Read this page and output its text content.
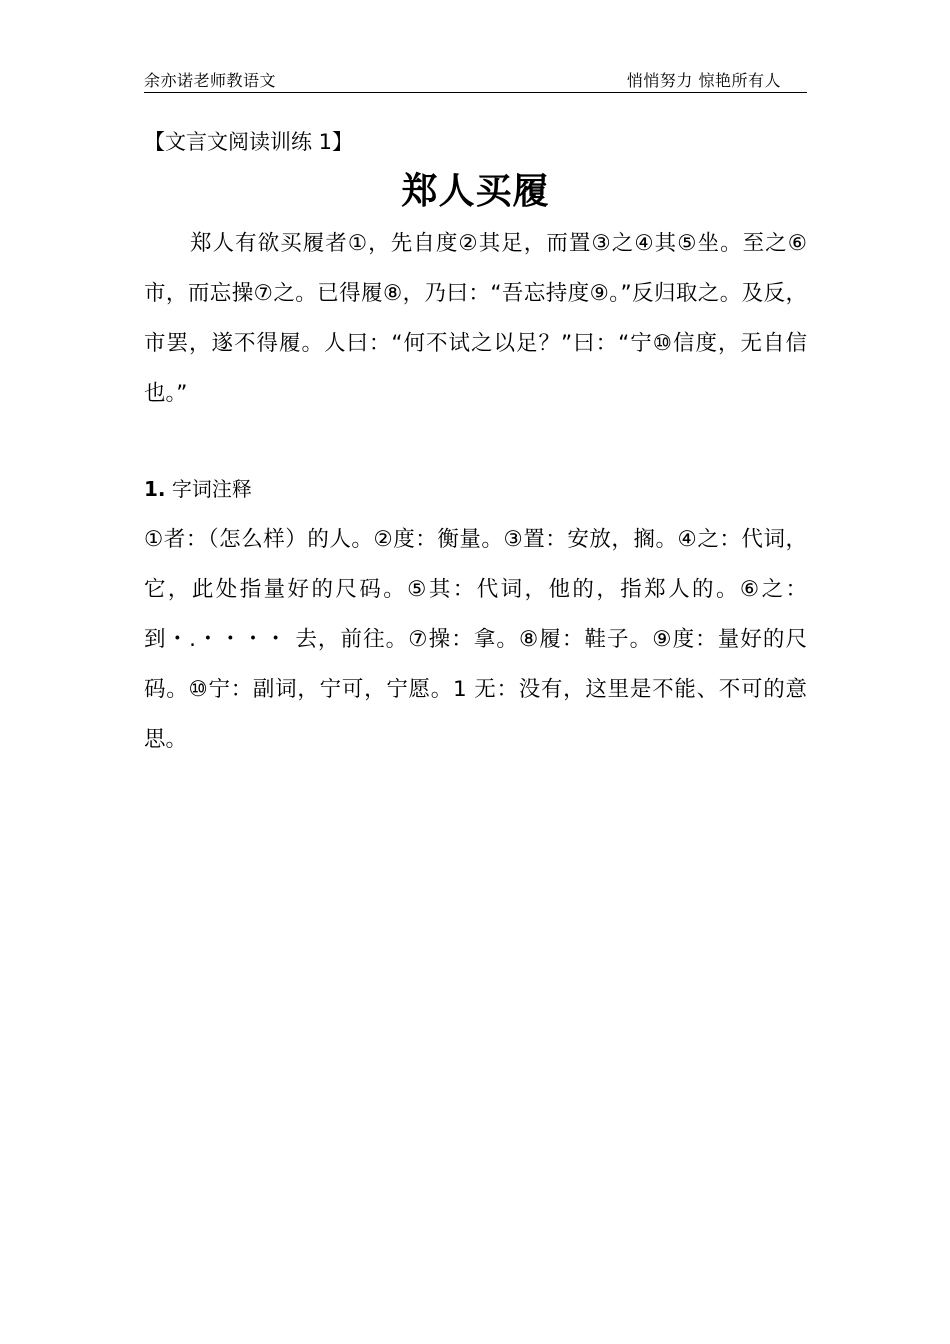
余亦诺老师教语文	悄悄努力 惊艳所有人
【文言文阅读训练 1】
郑人买履

郑人有欲买履者①，先自度②其足，而置③之④其⑤坐。至之⑥市，而忘操⑦之。已得履⑧，乃曰：“吾忘持度⑨。”反归取之。及反，市罢，遂不得履。人曰：“何不试之以足？”曰：“宁⑩信度，无自信也。”

1. 字词注释

①者：（怎么样）的人。②度：衡量。③置：安放，搁。④之：代词，它，此处指量好的尺码。⑤其：代词，他的，指郑人的。⑥之：到・.・・・・ 去，前往。⑦操：拿。⑧履：鞋子。⑨度：量好的尺码。⑩宁：副词，宁可，宁愿。1 无：没有，这里是不能、不可的意思。
